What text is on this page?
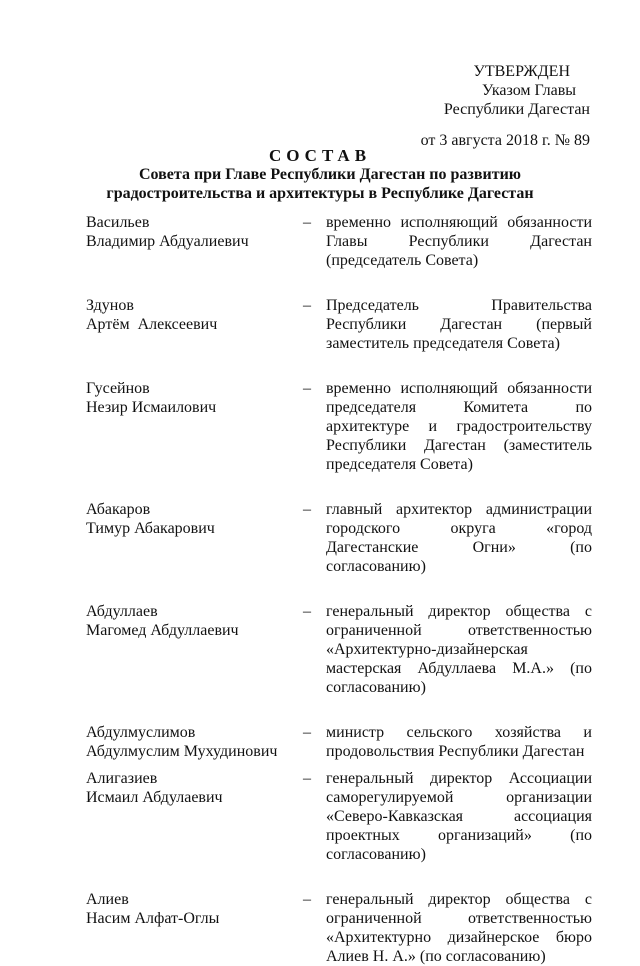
УТВЕРЖДЕН
Указом Главы
Республики Дагестан
от 3 августа 2018 г. № 89
СОСТАВ
Совета при Главе Республики Дагестан по развитию
градостроительства и архитектуры в Республике Дагестан
Васильев
Владимир Абдуалиевич
– временно исполняющий обязанности Главы Республики Дагестан (председатель Совета)
Здунов
Артём  Алексеевич
– Председатель Правительства Республики Дагестан (первый заместитель председателя Совета)
Гусейнов
Незир Исмаилович
– временно исполняющий обязанности председателя Комитета по архитектуре и градостроительству Республики Дагестан (заместитель председателя Совета)
Абакаров
Тимур Абакарович
– главный архитектор администрации городского округа «город Дагестанские Огни» (по согласованию)
Абдуллаев
Магомед Абдуллаевич
– генеральный директор общества с ограниченной ответственностью «Архитектурно-дизайнерская мастерская Абдуллаева М.А.» (по согласованию)
Абдулмуслимов
Абдулмуслим Мухудинович
– министр сельского хозяйства и продовольствия Республики Дагестан
Алигазиев
Исмаил Абдулаевич
– генеральный директор Ассоциации саморегулируемой организации «Северо-Кавказская ассоциация проектных организаций» (по согласованию)
Алиев
Насим Алфат-Оглы
– генеральный директор общества с ограниченной ответственностью «Архитектурно дизайнерское бюро Алиев Н. А.» (по согласованию)
